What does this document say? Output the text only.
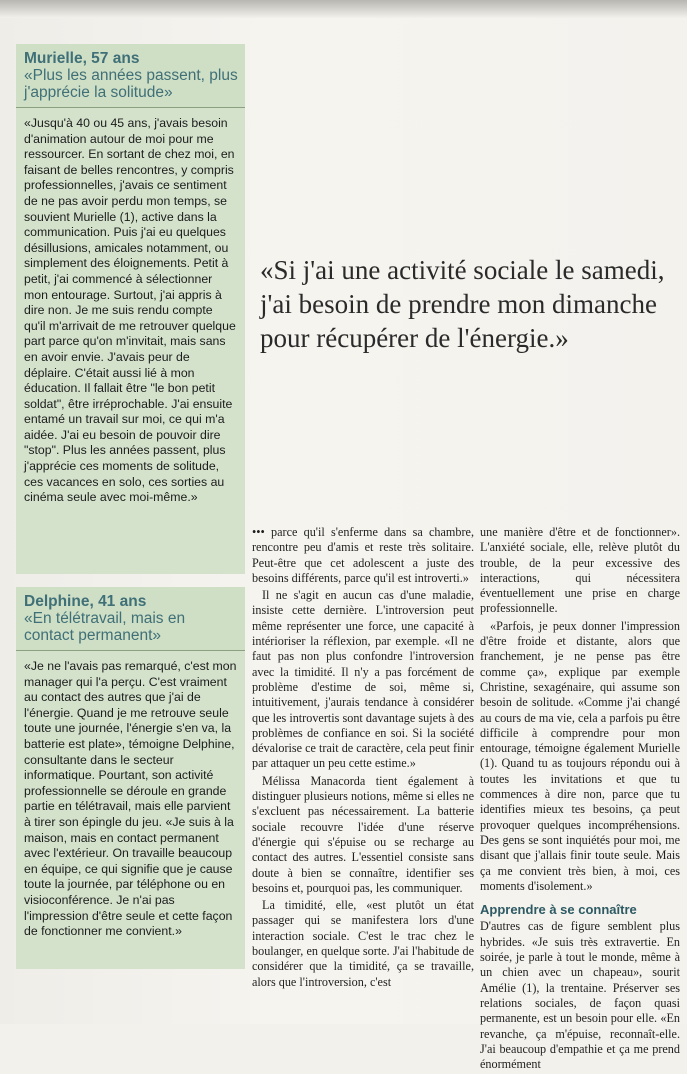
Murielle, 57 ans
«Plus les années passent, plus j'apprécie la solitude»
«Jusqu'à 40 ou 45 ans, j'avais besoin d'animation autour de moi pour me ressourcer. En sortant de chez moi, en faisant de belles rencontres, y compris professionnelles, j'avais ce sentiment de ne pas avoir perdu mon temps, se souvient Murielle (1), active dans la communication. Puis j'ai eu quelques désillusions, amicales notamment, ou simplement des éloignements. Petit à petit, j'ai commencé à sélectionner mon entourage. Surtout, j'ai appris à dire non. Je me suis rendu compte qu'il m'arrivait de me retrouver quelque part parce qu'on m'invitait, mais sans en avoir envie. J'avais peur de déplaire. C'était aussi lié à mon éducation. Il fallait être "le bon petit soldat", être irréprochable. J'ai ensuite entamé un travail sur moi, ce qui m'a aidée. J'ai eu besoin de pouvoir dire "stop". Plus les années passent, plus j'apprécie ces moments de solitude, ces vacances en solo, ces sorties au cinéma seule avec moi-même.»
Delphine, 41 ans
«En télétravail, mais en contact permanent»
«Je ne l'avais pas remarqué, c'est mon manager qui l'a perçu. C'est vraiment au contact des autres que j'ai de l'énergie. Quand je me retrouve seule toute une journée, l'énergie s'en va, la batterie est plate», témoigne Delphine, consultante dans le secteur informatique. Pourtant, son activité professionnelle se déroule en grande partie en télétravail, mais elle parvient à tirer son épingle du jeu. «Je suis à la maison, mais en contact permanent avec l'extérieur. On travaille beaucoup en équipe, ce qui signifie que je cause toute la journée, par téléphone ou en visioconférence. Je n'ai pas l'impression d'être seule et cette façon de fonctionner me convient.»
«Si j'ai une activité sociale le samedi, j'ai besoin de prendre mon dimanche pour récupérer de l'énergie.»

••• parce qu'il s'enferme dans sa chambre, rencontre peu d'amis et reste très solitaire. Peut-être que cet adolescent a juste des besoins différents, parce qu'il est introverti.»

Il ne s'agit en aucun cas d'une maladie, insiste cette dernière. L'introversion peut même représenter une force, une capacité à intérioriser la réflexion, par exemple. «Il ne faut pas non plus confondre l'introversion avec la timidité. Il n'y a pas forcément de problème d'estime de soi, même si, intuitivement, j'aurais tendance à considérer que les introvertis sont davantage sujets à des problèmes de confiance en soi. Si la société dévalorise ce trait de caractère, cela peut finir par attaquer un peu cette estime.»

Mélissa Manacorda tient également à distinguer plusieurs notions, même si elles ne s'excluent pas nécessairement. La batterie sociale recouvre l'idée d'une réserve d'énergie qui s'épuise ou se recharge au contact des autres. L'essentiel consiste sans doute à bien se connaître, identifier ses besoins et, pourquoi pas, les communiquer.

La timidité, elle, «est plutôt un état passager qui se manifestera lors d'une interaction sociale. C'est le trac chez le boulanger, en quelque sorte. J'ai l'habitude de considérer que la timidité, ça se travaille, alors que l'introversion, c'est

une manière d'être et de fonctionner». L'anxiété sociale, elle, relève plutôt du trouble, de la peur excessive des interactions, qui nécessitera éventuellement une prise en charge professionnelle.

«Parfois, je peux donner l'impression d'être froide et distante, alors que franchement, je ne pense pas être comme ça», explique par exemple Christine, sexagénaire, qui assume son besoin de solitude. «Comme j'ai changé au cours de ma vie, cela a parfois pu être difficile à comprendre pour mon entourage, témoigne également Murielle (1). Quand tu as toujours répondu oui à toutes les invitations et que tu commences à dire non, parce que tu identifies mieux tes besoins, ça peut provoquer quelques incompréhensions. Des gens se sont inquiétés pour moi, me disant que j'allais finir toute seule. Mais ça me convient très bien, à moi, ces moments d'isolement.»

Apprendre à se connaître

D'autres cas de figure semblent plus hybrides. «Je suis très extravertie. En soirée, je parle à tout le monde, même à un chien avec un chapeau», sourit Amélie (1), la trentaine. Préserver ses relations sociales, de façon quasi permanente, est un besoin pour elle. «En revanche, ça m'épuise, reconnaît-elle. J'ai beaucoup d'empathie et ça me prend énormément
